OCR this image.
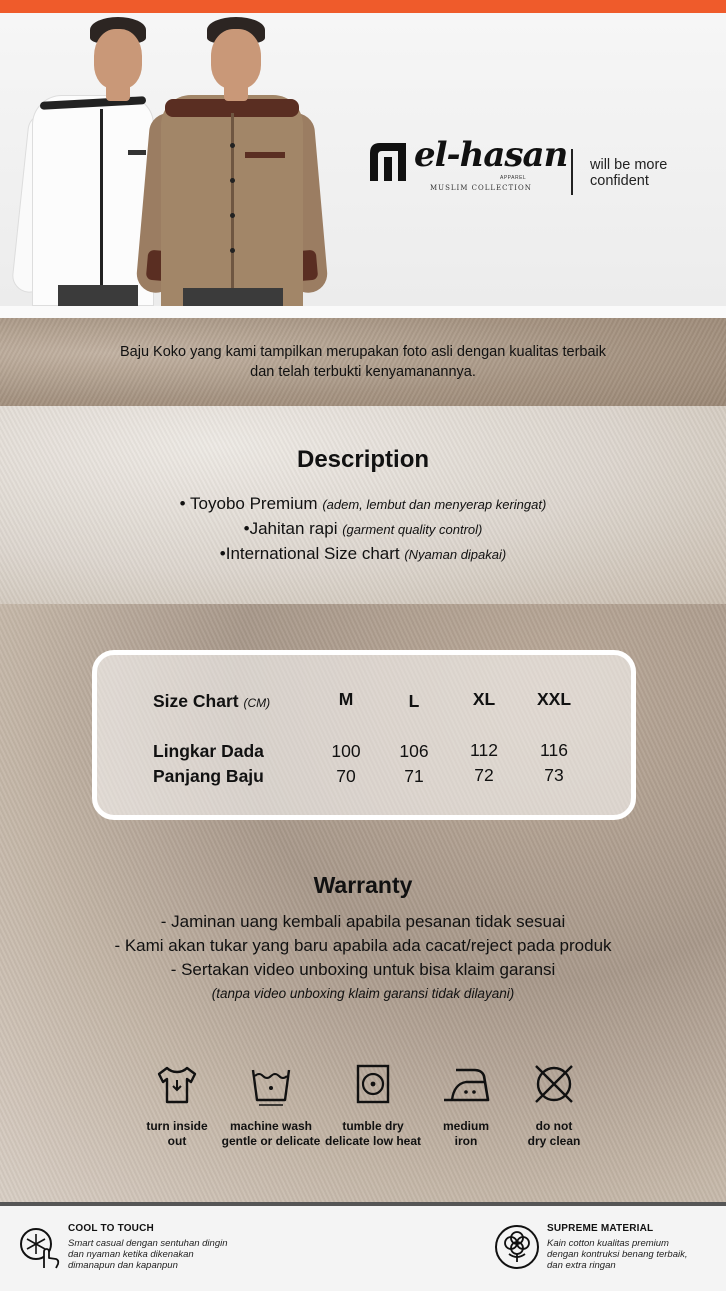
el-hasan
APPAREL
MUSLIM COLLECTION
will be more confident
Baju Koko yang kami tampilkan merupakan foto asli dengan kualitas terbaik
dan telah terbukti kenyamanannya.
Description
• Toyobo Premium (adem, lembut dan menyerap keringat)
•Jahitan rapi (garment quality control)
•International Size chart (Nyaman dipakai)
Size Chart (CM)	M	L	XL	XXL
Lingkar Dada	100	106	112	116
Panjang Baju	70	71	72	73
Warranty
- Jaminan uang kembali apabila pesanan tidak sesuai
- Kami akan tukar yang baru apabila ada cacat/reject pada produk
- Sertakan video unboxing untuk bisa klaim garansi
(tanpa video unboxing klaim garansi tidak dilayani)
turn inside
out
machine wash
gentle or delicate
tumble dry
delicate low heat
medium
iron
do not
dry clean
COOL TO TOUCH
Smart casual dengan sentuhan dingin
dan nyaman ketika dikenakan
dimanapun dan kapanpun
SUPREME MATERIAL
Kain cotton kualitas premium
dengan kontruksi benang terbaik,
dan extra ringan
